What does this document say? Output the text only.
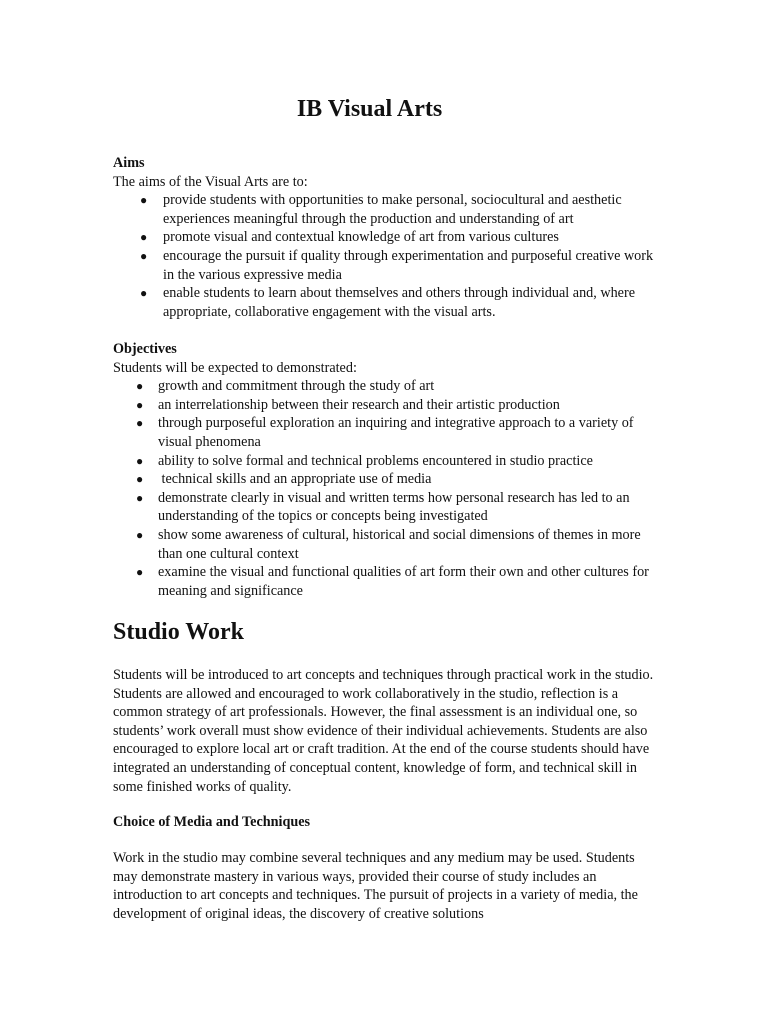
IB Visual Arts

Aims

The aims of the Visual Arts are to:

● provide students with opportunities to make personal, sociocultural and aesthetic experiences meaningful through the production and understanding of art
● promote visual and contextual knowledge of art from various cultures
● encourage the pursuit if quality through experimentation and purposeful creative work in the various expressive media
● enable students to learn about themselves and others through individual and, where appropriate, collaborative engagement with the visual arts.

Objectives

Students will be expected to demonstrated:

● growth and commitment through the study of art
● an interrelationship between their research and their artistic production
● through purposeful exploration an inquiring and integrative approach to a variety of visual phenomena
● ability to solve formal and technical problems encountered in studio practice
● technical skills and an appropriate use of media
● demonstrate clearly in visual and written terms how personal research has led to an understanding of the topics or concepts being investigated
● show some awareness of cultural, historical and social dimensions of themes in more than one cultural context
● examine the visual and functional qualities of art form their own and other cultures for meaning and significance
Studio Work

Students will be introduced to art concepts and techniques through practical work in the studio. Students are allowed and encouraged to work collaboratively in the studio, reflection is a common strategy of art professionals. However, the final assessment is an individual one, so students’ work overall must show evidence of their individual achievements. Students are also encouraged to explore local art or craft tradition. At the end of the course students should have integrated an understanding of conceptual content, knowledge of form, and technical skill in some finished works of quality.

Choice of Media and Techniques

Work in the studio may combine several techniques and any medium may be used. Students may demonstrate mastery in various ways, provided their course of study includes an introduction to art concepts and techniques. The pursuit of projects in a variety of media, the development of original ideas, the discovery of creative solutions
